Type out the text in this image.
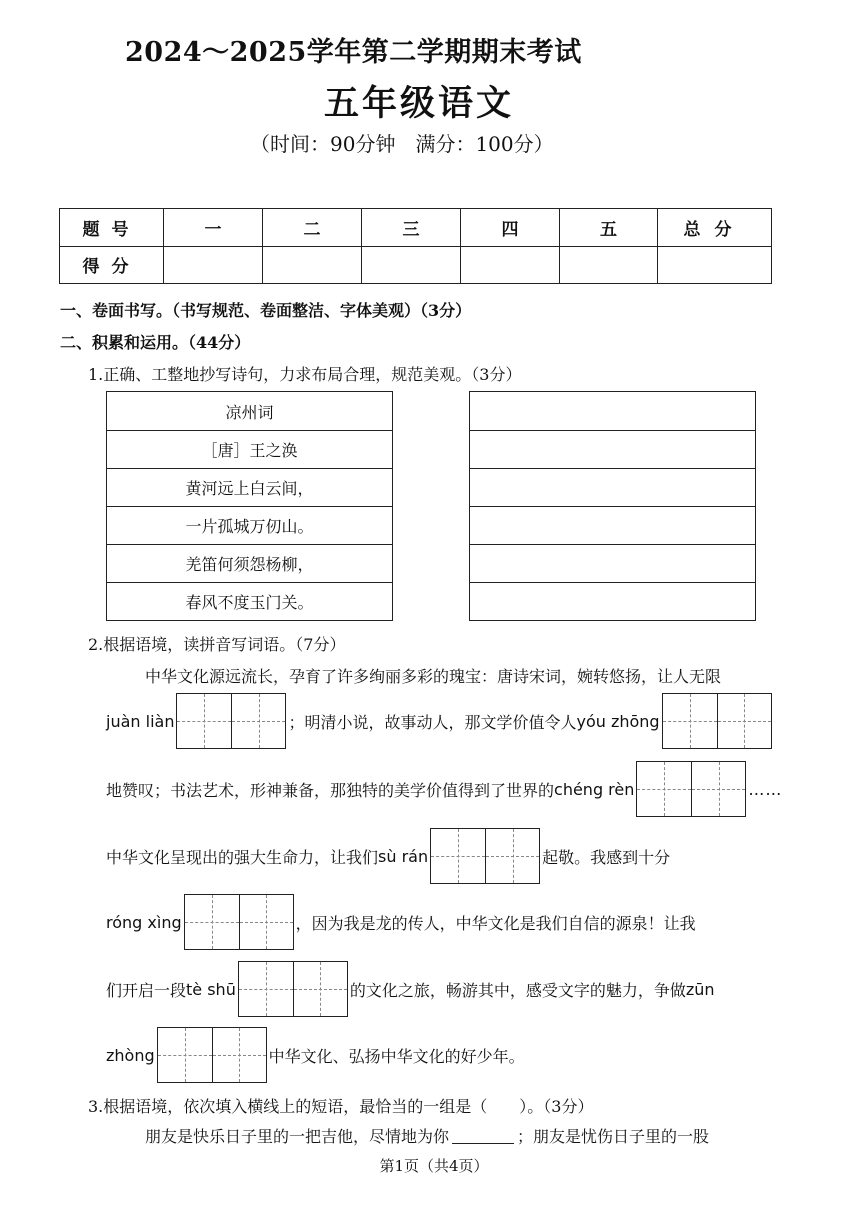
2024～2025学年第二学期期末考试
五年级语文
（时间：90分钟　满分：100分）
题号	一	二	三	四	五	总分
得分						
一、卷面书写。（书写规范、卷面整洁、字体美观）（3分）
二、积累和运用。（44分）
1.正确、工整地抄写诗句，力求布局合理，规范美观。（3分）
凉州词
［唐］王之涣
黄河远上白云间，
一片孤城万仞山。
羌笛何须怨杨柳，
春风不度玉门关。
2.根据语境，读拼音写词语。（7分）
中华文化源远流长，孕育了许多绚丽多彩的瑰宝：唐诗宋词，婉转悠扬，让人无限
juàn liàn	；明清小说，故事动人，那文学价值令人 yóu zhōng
地赞叹；书法艺术，形神兼备，那独特的美学价值得到了世界的 chéng rèn	……
中华文化呈现出的强大生命力，让我们 sù rán	起敬。我感到十分
róng xìng	，因为我是龙的传人，中华文化是我们自信的源泉！让我
们开启一段 tè shū	的文化之旅，畅游其中，感受文字的魅力，争做 zūn
zhòng	中华文化、弘扬中华文化的好少年。
3.根据语境，依次填入横线上的短语，最恰当的一组是（　　）。（3分）
朋友是快乐日子里的一把吉他，尽情地为你	；朋友是忧伤日子里的一股
第1页（共4页）
